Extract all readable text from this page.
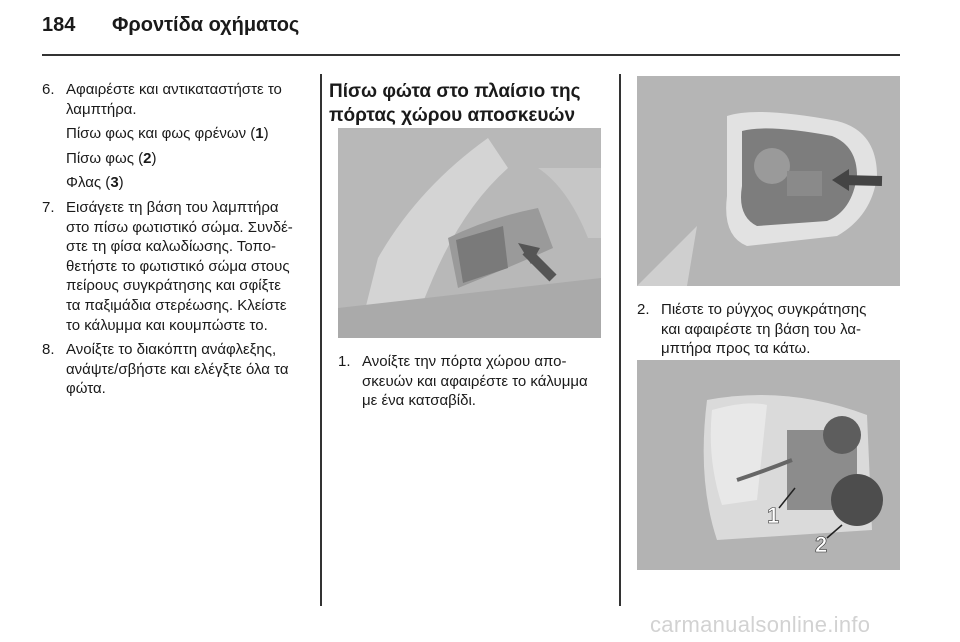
184 Φροντίδα οχήματος
6. Αφαιρέστε και αντικαταστήστε το λαμπτήρα.

Πίσω φως και φως φρένων (1)

Πίσω φως (2)

Φλας (3)

7. Εισάγετε τη βάση του λαμπτήρα
στο πίσω φωτιστικό σώμα. Συνδέ-
στε τη φίσα καλωδίωσης. Τοπο-
θετήστε το φωτιστικό σώμα στους
πείρους συγκράτησης και σφίξτε
τα παξιμάδια στερέωσης. Κλείστε
το κάλυμμα και κουμπώστε το.
8. Ανοίξτε το διακόπτη ανάφλεξης,
ανάψτε/σβήστε και ελέγξτε όλα τα
φώτα.
Πίσω φώτα στο πλαίσιο της
πόρτας χώρου αποσκευών
1. Ανοίξτε την πόρτα χώρου απο-
σκευών και αφαιρέστε το κάλυμμα
με ένα κατσαβίδι.
2. Πιέστε το ρύγχος συγκράτησης
και αφαιρέστε τη βάση του λα-
μπτήρα προς τα κάτω.
1
2
carmanualsonline.info
